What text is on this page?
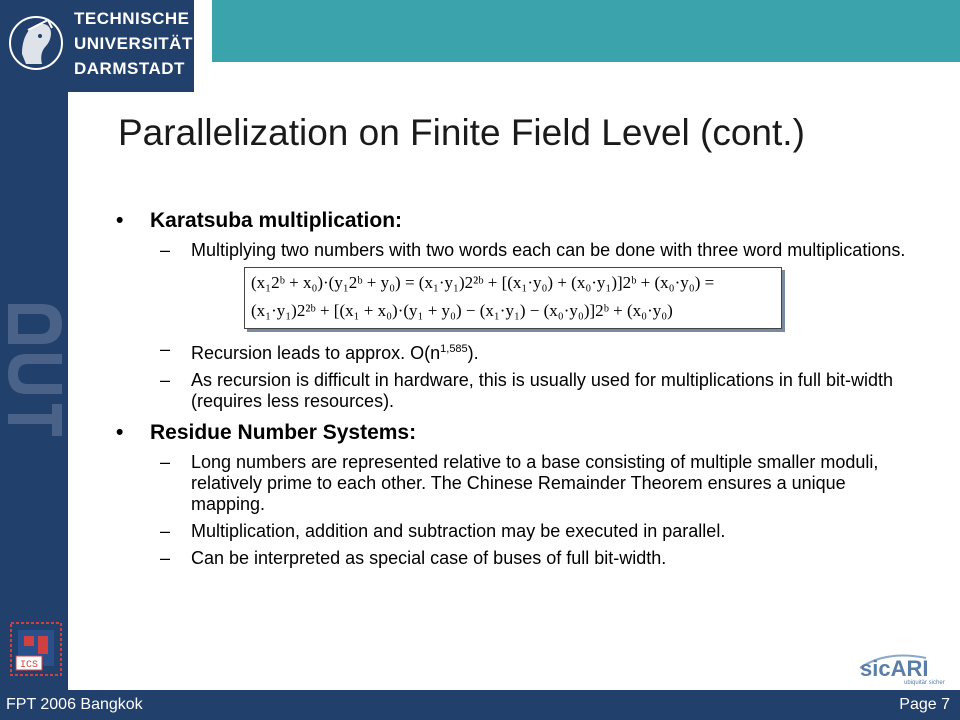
TECHNISCHE
UNIVERSITÄT
DARMSTADT
Parallelization on Finite Field Level (cont.)
• Karatsuba multiplication:
– Multiplying two numbers with two words each can be done with three word multiplications.
(x₁2ᵇ + x₀)·(y₁2ᵇ + y₀) = (x₁·y₁)2²ᵇ + [(x₁·y₀) + (x₀·y₁)]2ᵇ + (x₀·y₀) =
(x₁·y₁)2²ᵇ + [(x₁ + x₀)·(y₁ + y₀) − (x₁·y₁) − (x₀·y₀)]2ᵇ + (x₀·y₀)
– Recursion leads to approx. $O(n^{1,585})$.
– As recursion is difficult in hardware, this is usually used for multiplications in full bit-width (requires less resources).
• Residue Number Systems:
– Long numbers are represented relative to a base consisting of multiple smaller moduli, relatively prime to each other. The Chinese Remainder Theorem ensures a unique mapping.
– Multiplication, addition and subtraction may be executed in parallel.
– Can be interpreted as special case of buses of full bit-width.
ICS	sicARI
ubiquitär sicher
FPT 2006 Bangkok	Page 7
